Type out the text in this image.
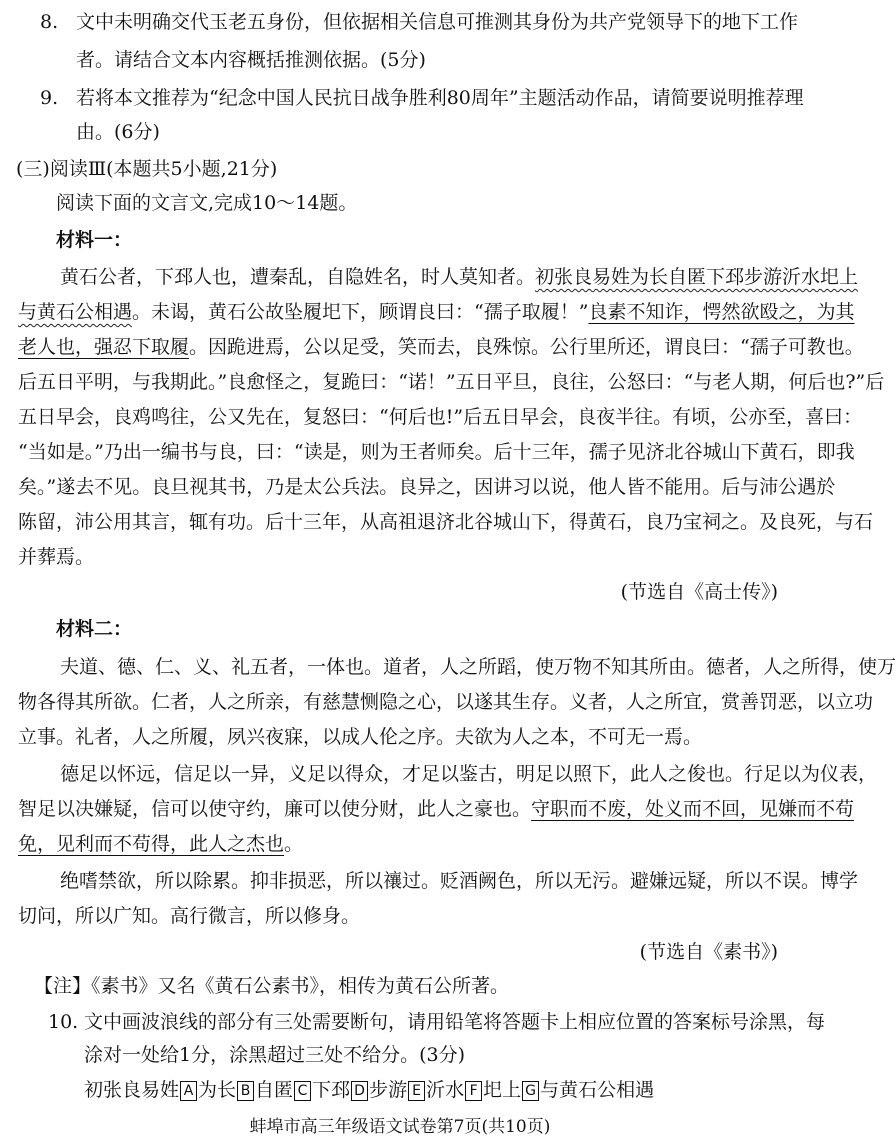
8. 文中未明确交代玉老五身份，但依据相关信息可推测其身份为共产党领导下的地下工作
者。请结合文本内容概括推测依据。(5分)
9. 若将本文推荐为“纪念中国人民抗日战争胜利80周年”主题活动作品，请简要说明推荐理
由。(6分)
(三)阅读Ⅲ(本题共5小题,21分)
阅读下面的文言文,完成10～14题。
材料一：
黄石公者，下邳人也，遭秦乱，自隐姓名，时人莫知者。初张良易姓为长自匿下邳步游沂水圯上
与黄石公相遇。未谒，黄石公故坠履圯下，顾谓良曰：“孺子取履！”良素不知诈，愕然欲殴之，为其
老人也，强忍下取履。因跪进焉，公以足受，笑而去，良殊惊。公行里所还，谓良曰：“孺子可教也。
后五日平明，与我期此。”良愈怪之，复跪曰：“诺！”五日平旦，良往，公怒曰：“与老人期，何后也?”后
五日早会，良鸡鸣往，公又先在，复怒曰：“何后也!”后五日早会，良夜半往。有顷，公亦至，喜曰：
“当如是。”乃出一编书与良，曰：“读是，则为王者师矣。后十三年，孺子见济北谷城山下黄石，即我
矣。”遂去不见。良旦视其书，乃是太公兵法。良异之，因讲习以说，他人皆不能用。后与沛公遇於
陈留，沛公用其言，辄有功。后十三年，从高祖退济北谷城山下，得黄石，良乃宝祠之。及良死，与石
并葬焉。
(节选自《高士传》)
材料二：
夫道、德、仁、义、礼五者，一体也。道者，人之所蹈，使万物不知其所由。德者，人之所得，使万
物各得其所欲。仁者，人之所亲，有慈慧恻隐之心，以遂其生存。义者，人之所宜，赏善罚恶，以立功
立事。礼者，人之所履，夙兴夜寐，以成人伦之序。夫欲为人之本，不可无一焉。
德足以怀远，信足以一异，义足以得众，才足以鉴古，明足以照下，此人之俊也。行足以为仪表，
智足以决嫌疑，信可以使守约，廉可以使分财，此人之豪也。守职而不废，处义而不回，见嫌而不苟
免，见利而不苟得，此人之杰也。
绝嗜禁欲，所以除累。抑非损恶，所以禳过。贬酒阙色，所以无污。避嫌远疑，所以不误。博学
切问，所以广知。高行微言，所以修身。
(节选自《素书》)
【注】《素书》又名《黄石公素书》，相传为黄石公所著。
10. 文中画波浪线的部分有三处需要断句，请用铅笔将答题卡上相应位置的答案标号涂黑，每
涂对一处给1分，涂黑超过三处不给分。(3分)
初张良易姓 A 为长 B 自匿 C 下邳 D 步游 E 沂水 F 圯上 G 与黄石公相遇
蚌埠市高三年级语文试卷第7页(共10页)
